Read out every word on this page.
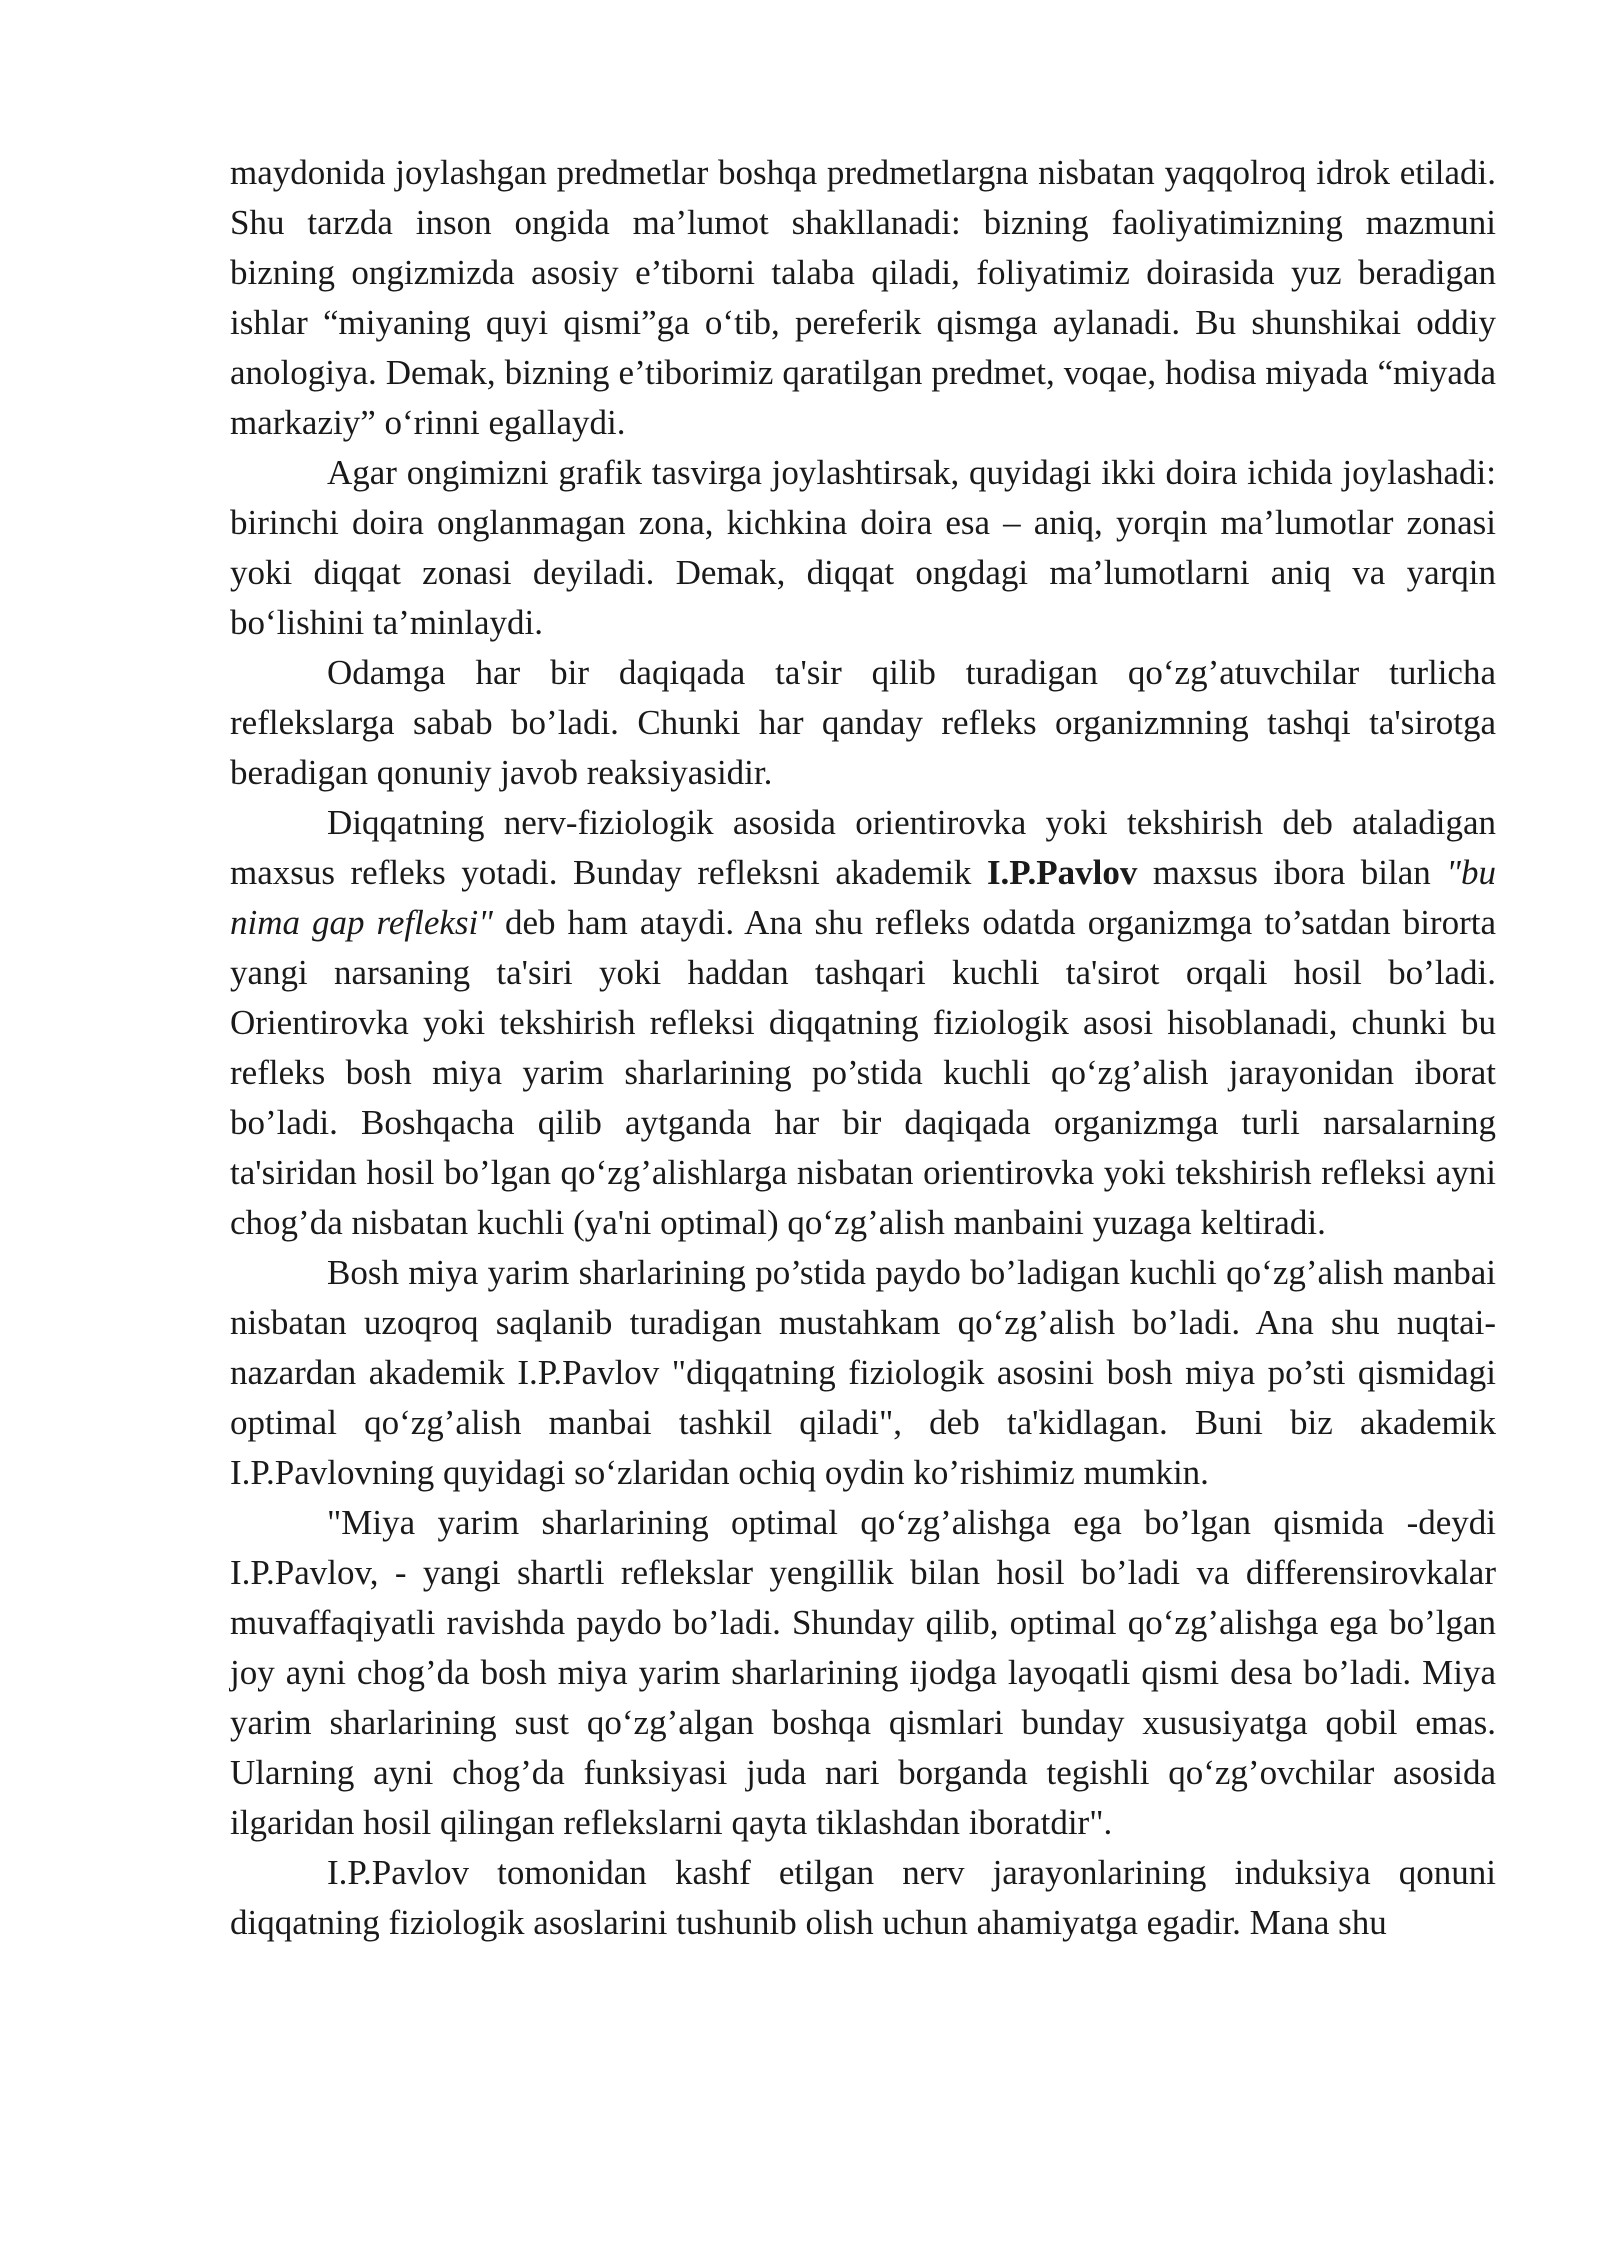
maydonida joylashgan predmetlar boshqa predmetlargna nisbatan yaqqolroq idrok etiladi. Shu tarzda inson ongida ma’lumot shakllanadi: bizning faoliyatimizning mazmuni bizning ongizmizda asosiy e’tiborni talaba qiladi, foliyatimiz doirasida yuz beradigan ishlar “miyaning quyi qismi”ga o‘tib, pereferik qismga aylanadi. Bu shunshikai oddiy anologiya. Demak, bizning e’tiborimiz qaratilgan predmet, voqae, hodisa miyada “miyada markaziy” o‘rinni egallaydi.

Agar ongimizni grafik tasvirga joylashtirsak, quyidagi ikki doira ichida joylashadi: birinchi doira onglanmagan zona, kichkina doira esa – aniq, yorqin ma’lumotlar zonasi yoki diqqat zonasi deyiladi. Demak, diqqat ongdagi ma’lumotlarni aniq va yarqin bo‘lishini ta’minlaydi.

Odamga har bir daqiqada ta'sir qilib turadigan qo‘zg’atuvchilar turlicha reflekslarga sabab bo’ladi. Chunki har qanday refleks organizmning tashqi ta'sirotga beradigan qonuniy javob reaksiyasidir.

Diqqatning nerv-fiziologik asosida orientirovka yoki tekshirish deb ataladigan maxsus refleks yotadi. Bunday refleksni akademik I.P.Pavlov maxsus ibora bilan "bu nima gap refleksi" deb ham ataydi. Ana shu refleks odatda organizmga to’satdan birorta yangi narsaning ta'siri yoki haddan tashqari kuchli ta'sirot orqali hosil bo’ladi. Orientirovka yoki tekshirish refleksi diqqatning fiziologik asosi hisoblanadi, chunki bu refleks bosh miya yarim sharlarining po’stida kuchli qo‘zg’alish jarayonidan iborat bo’ladi. Boshqacha qilib aytganda har bir daqiqada organizmga turli narsalarning ta'siridan hosil bo’lgan qo‘zg’alishlarga nisbatan orientirovka yoki tekshirish refleksi ayni chog’da nisbatan kuchli (ya'ni optimal) qo‘zg’alish manbaini yuzaga keltiradi.

Bosh miya yarim sharlarining po’stida paydo bo’ladigan kuchli qo‘zg’alish manbai nisbatan uzoqroq saqlanib turadigan mustahkam qo‘zg’alish bo’ladi. Ana shu nuqtai- nazardan akademik I.P.Pavlov "diqqatning fiziologik asosini bosh miya po’sti qismidagi optimal qo‘zg’alish manbai tashkil qiladi", deb ta'kidlagan. Buni biz akademik I.P.Pavlovning quyidagi so‘zlaridan ochiq oydin ko’rishimiz mumkin.

"Miya yarim sharlarining optimal qo‘zg’alishga ega bo’lgan qismida -deydi I.P.Pavlov, - yangi shartli reflekslar yengillik bilan hosil bo’ladi va differensirovkalar muvaffaqiyatli ravishda paydo bo’ladi. Shunday qilib, optimal qo‘zg’alishga ega bo’lgan joy ayni chog’da bosh miya yarim sharlarining ijodga layoqatli qismi desa bo’ladi. Miya yarim sharlarining sust qo‘zg’algan boshqa qismlari bunday xususiyatga qobil emas. Ularning ayni chog’da funksiyasi juda nari borganda tegishli qo‘zg’ovchilar asosida ilgaridan hosil qilingan reflekslarni qayta tiklashdan iboratdir".

I.P.Pavlov tomonidan kashf etilgan nerv jarayonlarining induksiya qonuni diqqatning fiziologik asoslarini tushunib olish uchun ahamiyatga egadir. Mana shu
